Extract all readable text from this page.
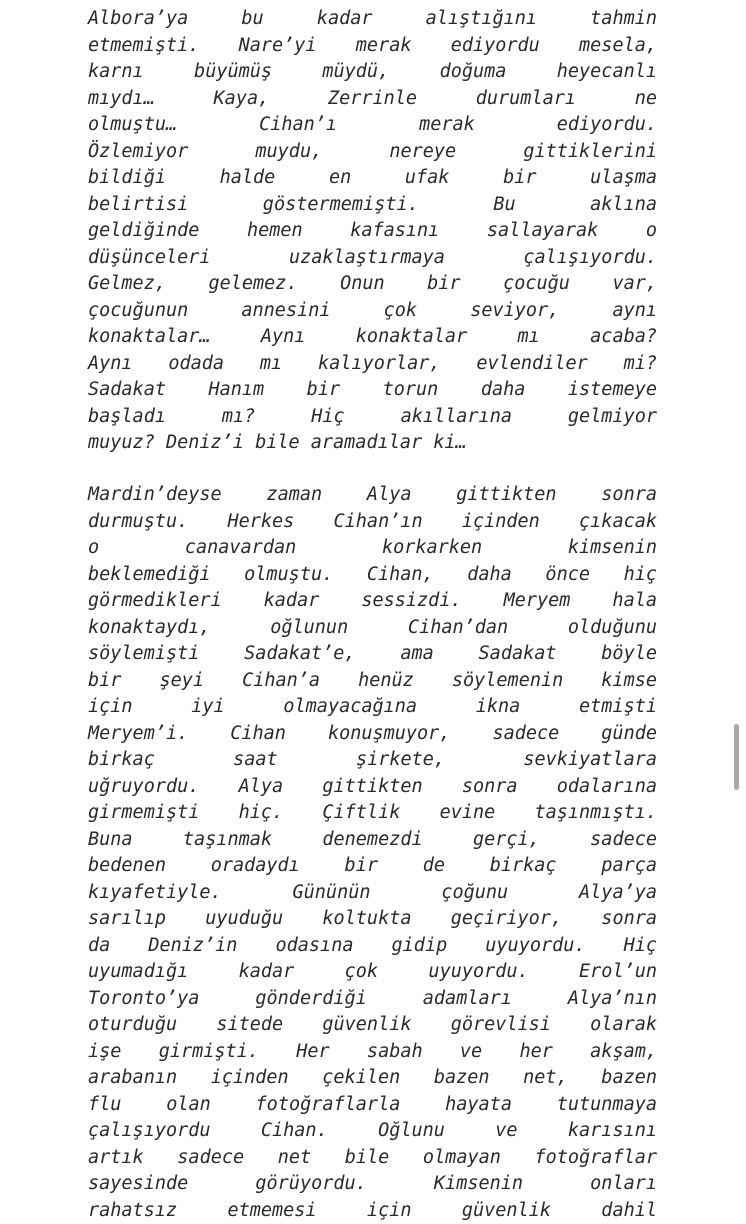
Albora’ya bu kadar alıştığını tahmin
etmemişti. Nare’yi merak ediyordu mesela,
karnı büyümüş müydü, doğuma heyecanlı
mıydı… Kaya, Zerrinle durumları ne
olmuştu… Cihan’ı merak ediyordu.
Özlemiyor muydu, nereye gittiklerini
bildiği halde en ufak bir ulaşma
belirtisi göstermemişti. Bu aklına
geldiğinde hemen kafasını sallayarak o
düşünceleri uzaklaştırmaya çalışıyordu.
Gelmez, gelemez. Onun bir çocuğu var,
çocuğunun annesini çok seviyor, aynı
konaktalar… Aynı konaktalar mı acaba?
Aynı odada mı kalıyorlar, evlendiler mi?
Sadakat Hanım bir torun daha istemeye
başladı mı? Hiç akıllarına gelmiyor
muyuz? Deniz’i bile aramadılar ki…
Mardin’deyse zaman Alya gittikten sonra
durmuştu. Herkes Cihan’ın içinden çıkacak
o canavardan korkarken kimsenin
beklemediği olmuştu. Cihan, daha önce hiç
görmedikleri kadar sessizdi. Meryem hala
konaktaydı, oğlunun Cihan’dan olduğunu
söylemişti Sadakat’e, ama Sadakat böyle
bir şeyi Cihan’a henüz söylemenin kimse
için iyi olmayacağına ikna etmişti
Meryem’i. Cihan konuşmuyor, sadece günde
birkaç saat şirkete, sevkiyatlara
uğruyordu. Alya gittikten sonra odalarına
girmemişti hiç. Çiftlik evine taşınmıştı.
Buna taşınmak denemezdi gerçi, sadece
bedenen oradaydı bir de birkaç parça
kıyafetiyle. Gününün çoğunu Alya’ya
sarılıp uyuduğu koltukta geçiriyor, sonra
da Deniz’in odasına gidip uyuyordu. Hiç
uyumadığı kadar çok uyuyordu. Erol’un
Toronto’ya gönderdiği adamları Alya’nın
oturduğu sitede güvenlik görevlisi olarak
işe girmişti. Her sabah ve her akşam,
arabanın içinden çekilen bazen net, bazen
flu olan fotoğraflarla hayata tutunmaya
çalışıyordu Cihan. Oğlunu ve karısını
artık sadece net bile olmayan fotoğraflar
sayesinde görüyordu. Kimsenin onları
rahatsız etmemesi için güvenlik dahil
